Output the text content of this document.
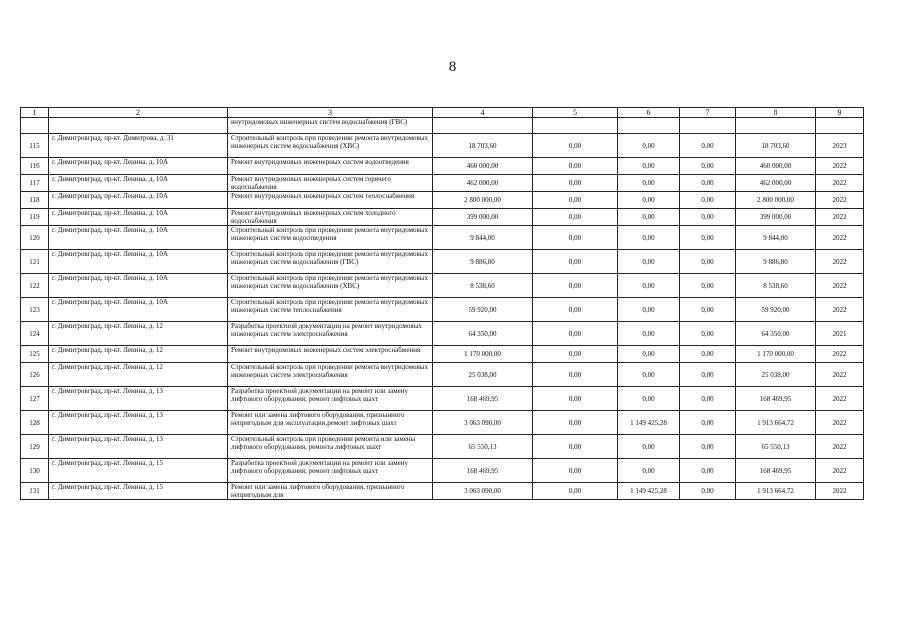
8
1	2	3	4	5	6	7	8	9
		внутридомовых инженерных систем водоснабжения (ГВС)						
115	г. Димитровград, пр-кт. Димитрова, д. 31	Строительный контроль при проведении ремонта внутридомовых инженерных систем водоснабжения (ХВС)	18 703,60	0,00	0,00	0,00	18 703,60	2023
116	г. Димитровград, пр-кт. Ленина, д. 10А	Ремонт внутридомовых инженерных систем водоотведения	460 000,00	0,00	0,00	0,00	460 000,00	2022
117	г. Димитровград, пр-кт. Ленина, д. 10А	Ремонт внутридомовых инженерных систем горячего водоснабжения	462 000,00	0,00	0,00	0,00	462 000,00	2022
118	г. Димитровград, пр-кт. Ленина, д. 10А	Ремонт внутридомовых инженерных систем теплоснабжения	2 800 000,00	0,00	0,00	0,00	2 800 000,00	2022
119	г. Димитровград, пр-кт. Ленина, д. 10А	Ремонт внутридомовых инженерных систем холодного водоснабжения	399 000,00	0,00	0,00	0,00	399 000,00	2022
120	г. Димитровград, пр-кт. Ленина, д. 10А	Строительный контроль при проведении ремонта внутридомовых инженерных систем водоотведения	9 844,00	0,00	0,00	0,00	9 844,00	2022
121	г. Димитровград, пр-кт. Ленина, д. 10А	Строительный контроль при проведении ремонта внутридомовых инженерных систем водоснабжения (ГВС)	9 886,80	0,00	0,00	0,00	9 886,80	2022
122	г. Димитровград, пр-кт. Ленина, д. 10А	Строительный контроль при проведении ремонта внутридомовых инженерных систем водоснабжения (ХВС)	8 538,60	0,00	0,00	0,00	8 538,60	2022
123	г. Димитровград, пр-кт. Ленина, д. 10А	Строительный контроль при проведении ремонта внутридомовых инженерных систем теплоснабжения	59 920,00	0,00	0,00	0,00	59 920,00	2022
124	г. Димитровград, пр-кт. Ленина, д. 12	Разработка проектной документации на ремонт внутридомовых инженерных систем электроснабжения	64 350,00	0,00	0,00	0,00	64 350,00	2021
125	г. Димитровград, пр-кт. Ленина, д. 12	Ремонт внутридомовых инженерных систем электроснабжения	1 170 000,00	0,00	0,00	0,00	1 170 000,00	2022
126	г. Димитровград, пр-кт. Ленина, д. 12	Строительный контроль при проведении ремонта внутридомовых инженерных систем электроснабжения	25 038,00	0,00	0,00	0,00	25 038,00	2022
127	г. Димитровград, пр-кт. Ленина, д. 13	Разработка проектной документации на ремонт или замену лифтового оборудования, ремонт лифтовых шахт	168 469,95	0,00	0,00	0,00	168 469,95	2022
128	г. Димитровград, пр-кт. Ленина, д. 13	Ремонт или замена лифтового оборудования, признанного непригодным для эксплуатации,ремонт лифтовых шахт	3 063 090,00	0,00	1 149 425,28	0,00	1 913 664,72	2022
129	г. Димитровград, пр-кт. Ленина, д. 13	Строительный контроль при проведении ремонта или замены лифтового оборудования, ремонта лифтовых шахт	65 550,13	0,00	0,00	0,00	65 550,13	2022
130	г. Димитровград, пр-кт. Ленина, д. 15	Разработка проектной документации на ремонт или замену лифтового оборудования, ремонт лифтовых шахт	168 469,95	0,00	0,00	0,00	168 469,95	2022
131	г. Димитровград, пр-кт. Ленина, д. 15	Ремонт или замена лифтового оборудования, признанного непригодным для	3 063 090,00	0,00	1 149 425,28	0,00	1 913 664,72	2022
